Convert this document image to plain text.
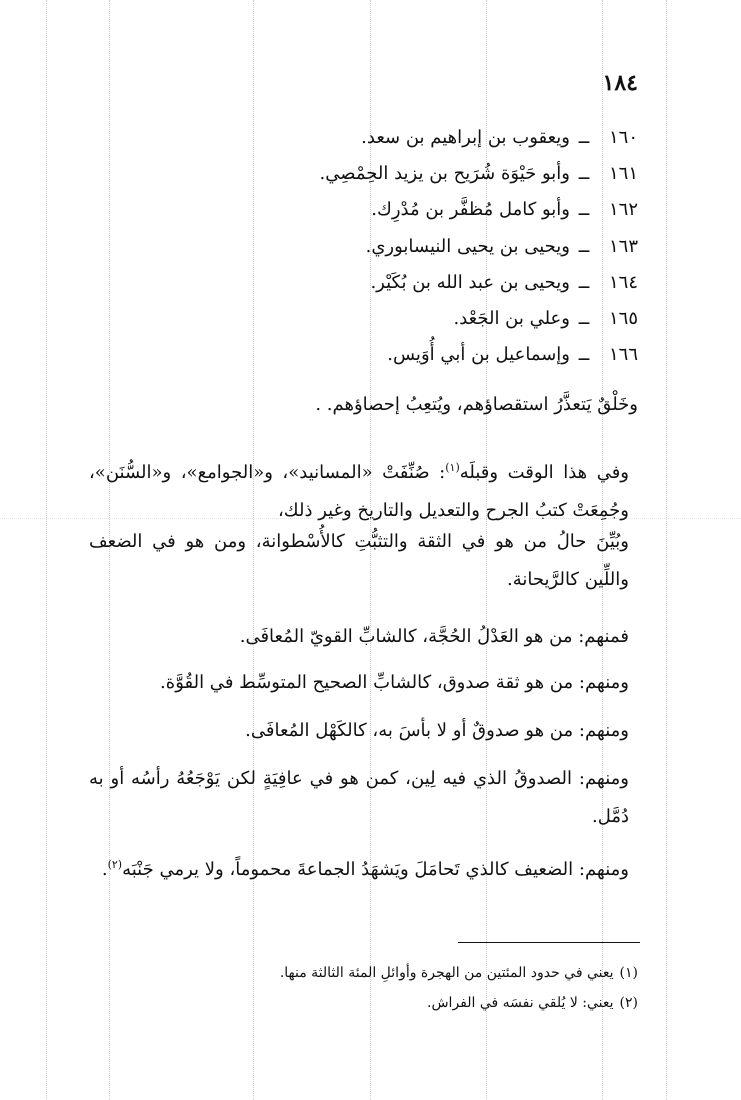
١٨٤
١٦٠ــويعقوب بن إبراهيم بن سعد.
١٦١ــوأبو حَيْوَة شُرَيح بن يزيد الحِمْصِي.
١٦٢ــوأبو كامل مُظفَّر بن مُدْرِك.
١٦٣ــويحيى بن يحيى النيسابوري.
١٦٤ــويحيى بن عبد الله بن بُكَيْر.
١٦٥ــوعلي بن الجَعْد.
١٦٦ــوإسماعيل بن أبي أُوَيس.

وخَلْقٌ يَتعذَّرُ استقصاؤهم، ويُتعِبُ إحصاؤهم. .

وفي هذا الوقت وقبلَه$^{(١)}$: صُنِّفَتْ «المسانيد»، و«الجوامع»، و«السُّنَن»، وجُمِعَتْ كتبُ الجرح والتعديل والتاريخ وغير ذلك،

وبُيِّنَ حالُ من هو في الثقة والتثبُّتِ كالأُسْطوانة، ومن هو في الضعف واللِّين كالرَّيحانة.

فمنهم: من هو العَدْلُ الحُجَّة، كالشابِّ القويّ المُعافَى.

ومنهم: من هو ثقة صدوق، كالشابِّ الصحيح المتوسِّط في القُوَّة.

ومنهم: من هو صدوقٌ أو لا بأسَ به، كالكَهْل المُعافَى.

ومنهم: الصدوقُ الذي فيه لِين، كمن هو في عافِيَةٍ لكن يَوْجَعُهُ رأسُه أو به دُمَّل.

ومنهم: الضعيف كالذي تَحامَلَ ويَشهَدُ الجماعةَ محموماً، ولا يرمي جَنْبَه$^{(٢)}$.

(١)يعني في حدود المئتين من الهجرة وأوائلِ المئة الثالثة منها.
(٢)يعني: لا يُلقي نفسَه في الفراش.
